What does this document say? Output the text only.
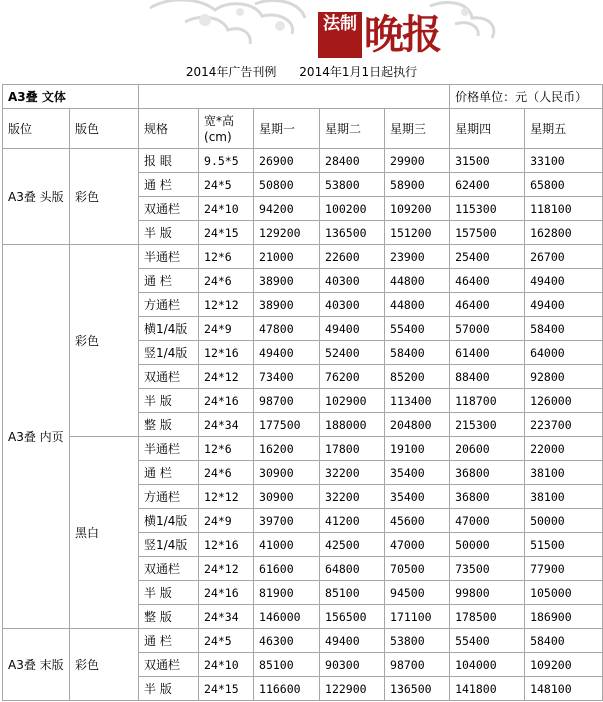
法制 晚报
2014年广告刊例      2014年1月1日起执行
A3叠 文体							价格单位：元（人民币）	
版位	版色	规格	宽*高
(cm)	星期一	星期二	星期三	星期四	星期五
A3叠 头版	彩色	报 眼	9.5*5	26900	28400	29900	31500	33100
		通 栏	24*5	50800	53800	58900	62400	65800
		双通栏	24*10	94200	100200	109200	115300	118100
		半 版	24*15	129200	136500	151200	157500	162800
A3叠 内页	彩色	半通栏	12*6	21000	22600	23900	25400	26700
		通 栏	24*6	38900	40300	44800	46400	49400
		方通栏	12*12	38900	40300	44800	46400	49400
		横1/4版	24*9	47800	49400	55400	57000	58400
		竖1/4版	12*16	49400	52400	58400	61400	64000
		双通栏	24*12	73400	76200	85200	88400	92800
		半 版	24*16	98700	102900	113400	118700	126000
		整 版	24*34	177500	188000	204800	215300	223700
	黑白	半通栏	12*6	16200	17800	19100	20600	22000
		通 栏	24*6	30900	32200	35400	36800	38100
		方通栏	12*12	30900	32200	35400	36800	38100
		横1/4版	24*9	39700	41200	45600	47000	50000
		竖1/4版	12*16	41000	42500	47000	50000	51500
		双通栏	24*12	61600	64800	70500	73500	77900
		半 版	24*16	81900	85100	94500	99800	105000
		整 版	24*34	146000	156500	171100	178500	186900
A3叠 末版	彩色	通 栏	24*5	46300	49400	53800	55400	58400
		双通栏	24*10	85100	90300	98700	104000	109200
		半 版	24*15	116600	122900	136500	141800	148100
